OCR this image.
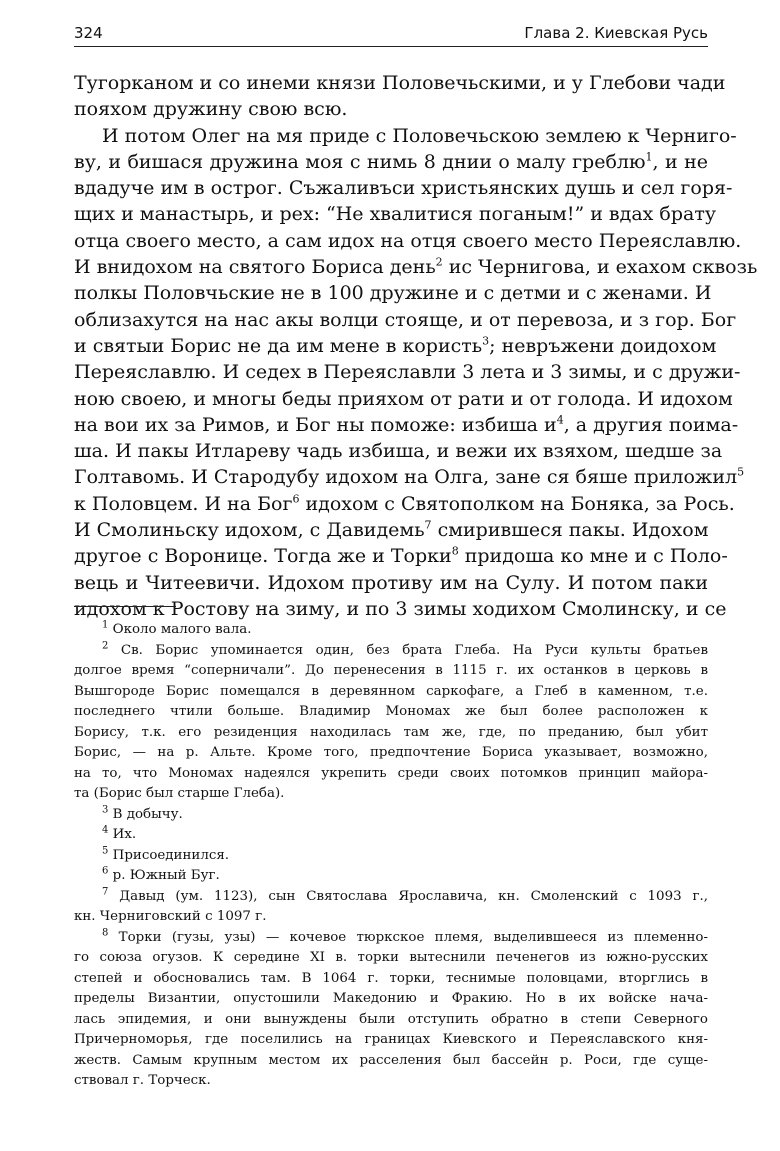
324	Глава 2. Киевская Русь
Тугорканом и со инеми князи Половечьскими, и у Глебови чади
пояхом дружину свою всю.
И потом Олег на мя приде с Половечьскою землею к Черниго-
ву, и бишася дружина моя с нимь 8 днии о малу греблю$^1$, и не
вдадуче им в острог. Съжаливъси христьянских душь и сел горя-
щих и манастырь, и рех: “Не хвалитися поганым!” и вдах брату
отца своего место, а сам идох на отця своего место Переяславлю.
И внидохом на святого Бориса день$^2$ ис Чернигова, и ехахом сквозь
полкы Половчьские не в 100 дружине и с детми и с женами. И
облизахутся на нас акы волци стояще, и от перевоза, и з гор. Бог
и святыи Борис не да им мене в користь$^3$; невръжени доидохом
Переяславлю. И седех в Переяславли 3 лета и 3 зимы, и с дружи-
ною своею, и многы беды прияхом от рати и от голода. И идохом
на вои их за Римов, и Бог ны поможе: избиша $и^4$, а другия поима-
ша. И пакы Итлареву чадь избиша, и вежи их взяхом, шедше за
Голтавомь. И Стародубу идохом на Олга, зане ся бяше приложил$^5$
к Половцем. И на Бог$^6$ идохом с Святополком на Боняка, за Рось.
И Смолиньску идохом, с Давидемь$^7$ смирившеся пакы. Идохом
другое с Воронице. Тогда же и Торки$^8$ придоша ко мне и с Поло-
вець и Читеевичи. Идохом противу им на Сулу. И потом паки
идохом к Ростову на зиму, и по 3 зимы ходихом Смолинску, и се
$^1$ Около малого вала.
$^2$ Св. Борис упоминается один, без брата Глеба. На Руси культы братьев
долгое время “соперничали”. До перенесения в 1115 г. их останков в церковь в
Вышгороде Борис помещался в деревянном саркофаге, а Глеб в каменном, т.е.
последнего чтили больше. Владимир Мономах же был более расположен к
Борису, т.к. его резиденция находилась там же, где, по преданию, был убит
Борис, — на р. Альте. Кроме того, предпочтение Бориса указывает, возможно,
на то, что Мономах надеялся укрепить среди своих потомков принцип майора-
та (Борис был старше Глеба).
$^3$ В добычу.
$^4$ Их.
$^5$ Присоединился.
$^6$ р. Южный Буг.
$^7$ Давыд (ум. 1123), сын Святослава Ярославича, кн. Смоленский с 1093 г.,
кн. Черниговский с 1097 г.
$^8$ Торки (гузы, узы) — кочевое тюркское племя, выделившееся из племенно-
го союза огузов. К середине XI в. торки вытеснили печенегов из южно-русских
степей и обосновались там. В 1064 г. торки, теснимые половцами, вторглись в
пределы Византии, опустошили Македонию и Фракию. Но в их войске нача-
лась эпидемия, и они вынуждены были отступить обратно в степи Северного
Причерноморья, где поселились на границах Киевского и Переяславского кня-
жеств. Самым крупным местом их расселения был бассейн р. Роси, где суще-
ствовал г. Торческ.
